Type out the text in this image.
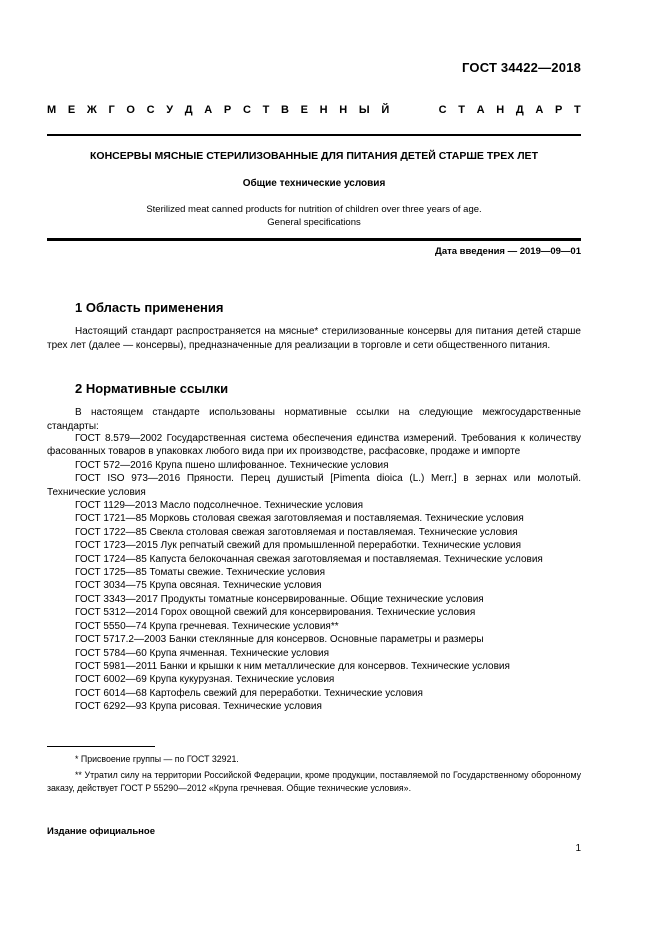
ГОСТ 34422—2018
М Е Ж Г О С У Д А Р С Т В Е Н Н Ы Й	С Т А Н Д А Р Т
КОНСЕРВЫ МЯСНЫЕ СТЕРИЛИЗОВАННЫЕ ДЛЯ ПИТАНИЯ ДЕТЕЙ СТАРШЕ ТРЕХ ЛЕТ
Общие технические условия
Sterilized meat canned products for nutrition of children over three years of age.
General specifications
Дата введения — 2019—09—01
1 Область применения

Настоящий стандарт распространяется на мясные* стерилизованные консервы для питания детей старше трех лет (далее — консервы), предназначенные для реализации в торговле и сети общественного питания.

2 Нормативные ссылки

В настоящем стандарте использованы нормативные ссылки на следующие межгосударственные стандарты:

ГОСТ 8.579—2002 Государственная система обеспечения единства измерений. Требования к количеству фасованных товаров в упаковках любого вида при их производстве, расфасовке, продаже и импорте
ГОСТ 572—2016 Крупа пшено шлифованное. Технические условия
ГОСТ ISO 973—2016 Пряности. Перец душистый [Pimenta dioica (L.) Merr.] в зернах или молотый. Технические условия
ГОСТ 1129—2013 Масло подсолнечное. Технические условия
ГОСТ 1721—85 Морковь столовая свежая заготовляемая и поставляемая. Технические условия
ГОСТ 1722—85 Свекла столовая свежая заготовляемая и поставляемая. Технические условия
ГОСТ 1723—2015 Лук репчатый свежий для промышленной переработки. Технические условия
ГОСТ 1724—85 Капуста белокочанная свежая заготовляемая и поставляемая. Технические условия
ГОСТ 1725—85 Томаты свежие. Технические условия
ГОСТ 3034—75 Крупа овсяная. Технические условия
ГОСТ 3343—2017 Продукты томатные консервированные. Общие технические условия
ГОСТ 5312—2014 Горох овощной свежий для консервирования. Технические условия
ГОСТ 5550—74 Крупа гречневая. Технические условия**
ГОСТ 5717.2—2003 Банки стеклянные для консервов. Основные параметры и размеры
ГОСТ 5784—60 Крупа ячменная. Технические условия
ГОСТ 5981—2011 Банки и крышки к ним металлические для консервов. Технические условия
ГОСТ 6002—69 Крупа кукурузная. Технические условия
ГОСТ 6014—68 Картофель свежий для переработки. Технические условия
ГОСТ 6292—93 Крупа рисовая. Технические условия

* Присвоение группы — по ГОСТ 32921.

** Утратил силу на территории Российской Федерации, кроме продукции, поставляемой по Государственному оборонному заказу, действует ГОСТ Р 55290—2012 «Крупа гречневая. Общие технические условия».

Издание официальное
1
